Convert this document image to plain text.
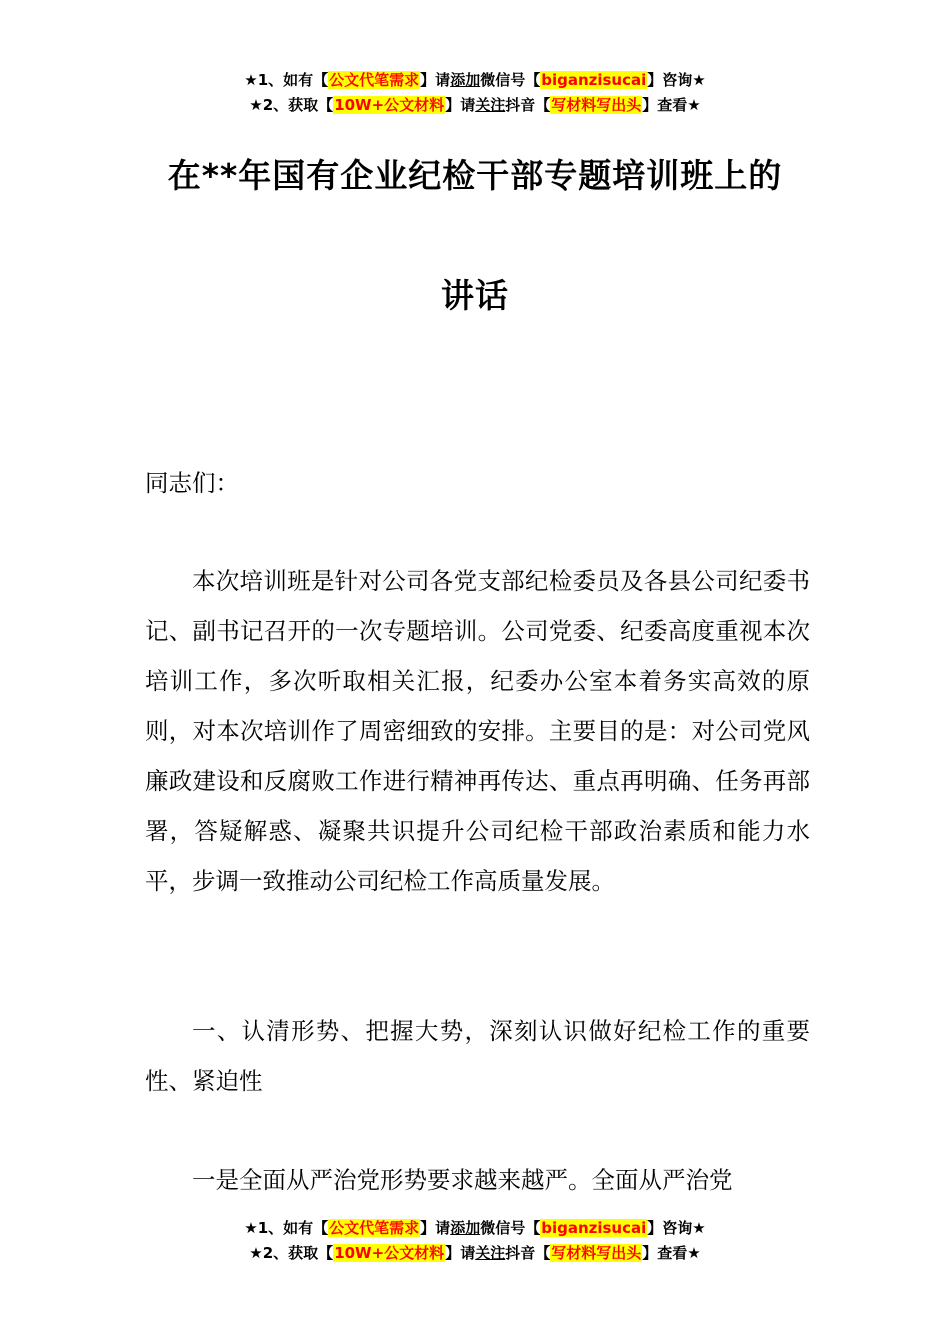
★1、如有【公文代笔需求】请添加微信号【biganzisucai】咨询★
★2、获取【10W+公文材料】请关注抖音【写材料写出头】查看★
在**年国有企业纪检干部专题培训班上的
讲话
同志们：
本次培训班是针对公司各党支部纪检委员及各县公司纪委书记、副书记召开的一次专题培训。公司党委、纪委高度重视本次培训工作，多次听取相关汇报，纪委办公室本着务实高效的原则，对本次培训作了周密细致的安排。主要目的是：对公司党风廉政建设和反腐败工作进行精神再传达、重点再明确、任务再部署，答疑解惑、凝聚共识提升公司纪检干部政治素质和能力水平，步调一致推动公司纪检工作高质量发展。
一、认清形势、把握大势，深刻认识做好纪检工作的重要性、紧迫性
一是全面从严治党形势要求越来越严。全面从严治党
★1、如有【公文代笔需求】请添加微信号【biganzisucai】咨询★
★2、获取【10W+公文材料】请关注抖音【写材料写出头】查看★
